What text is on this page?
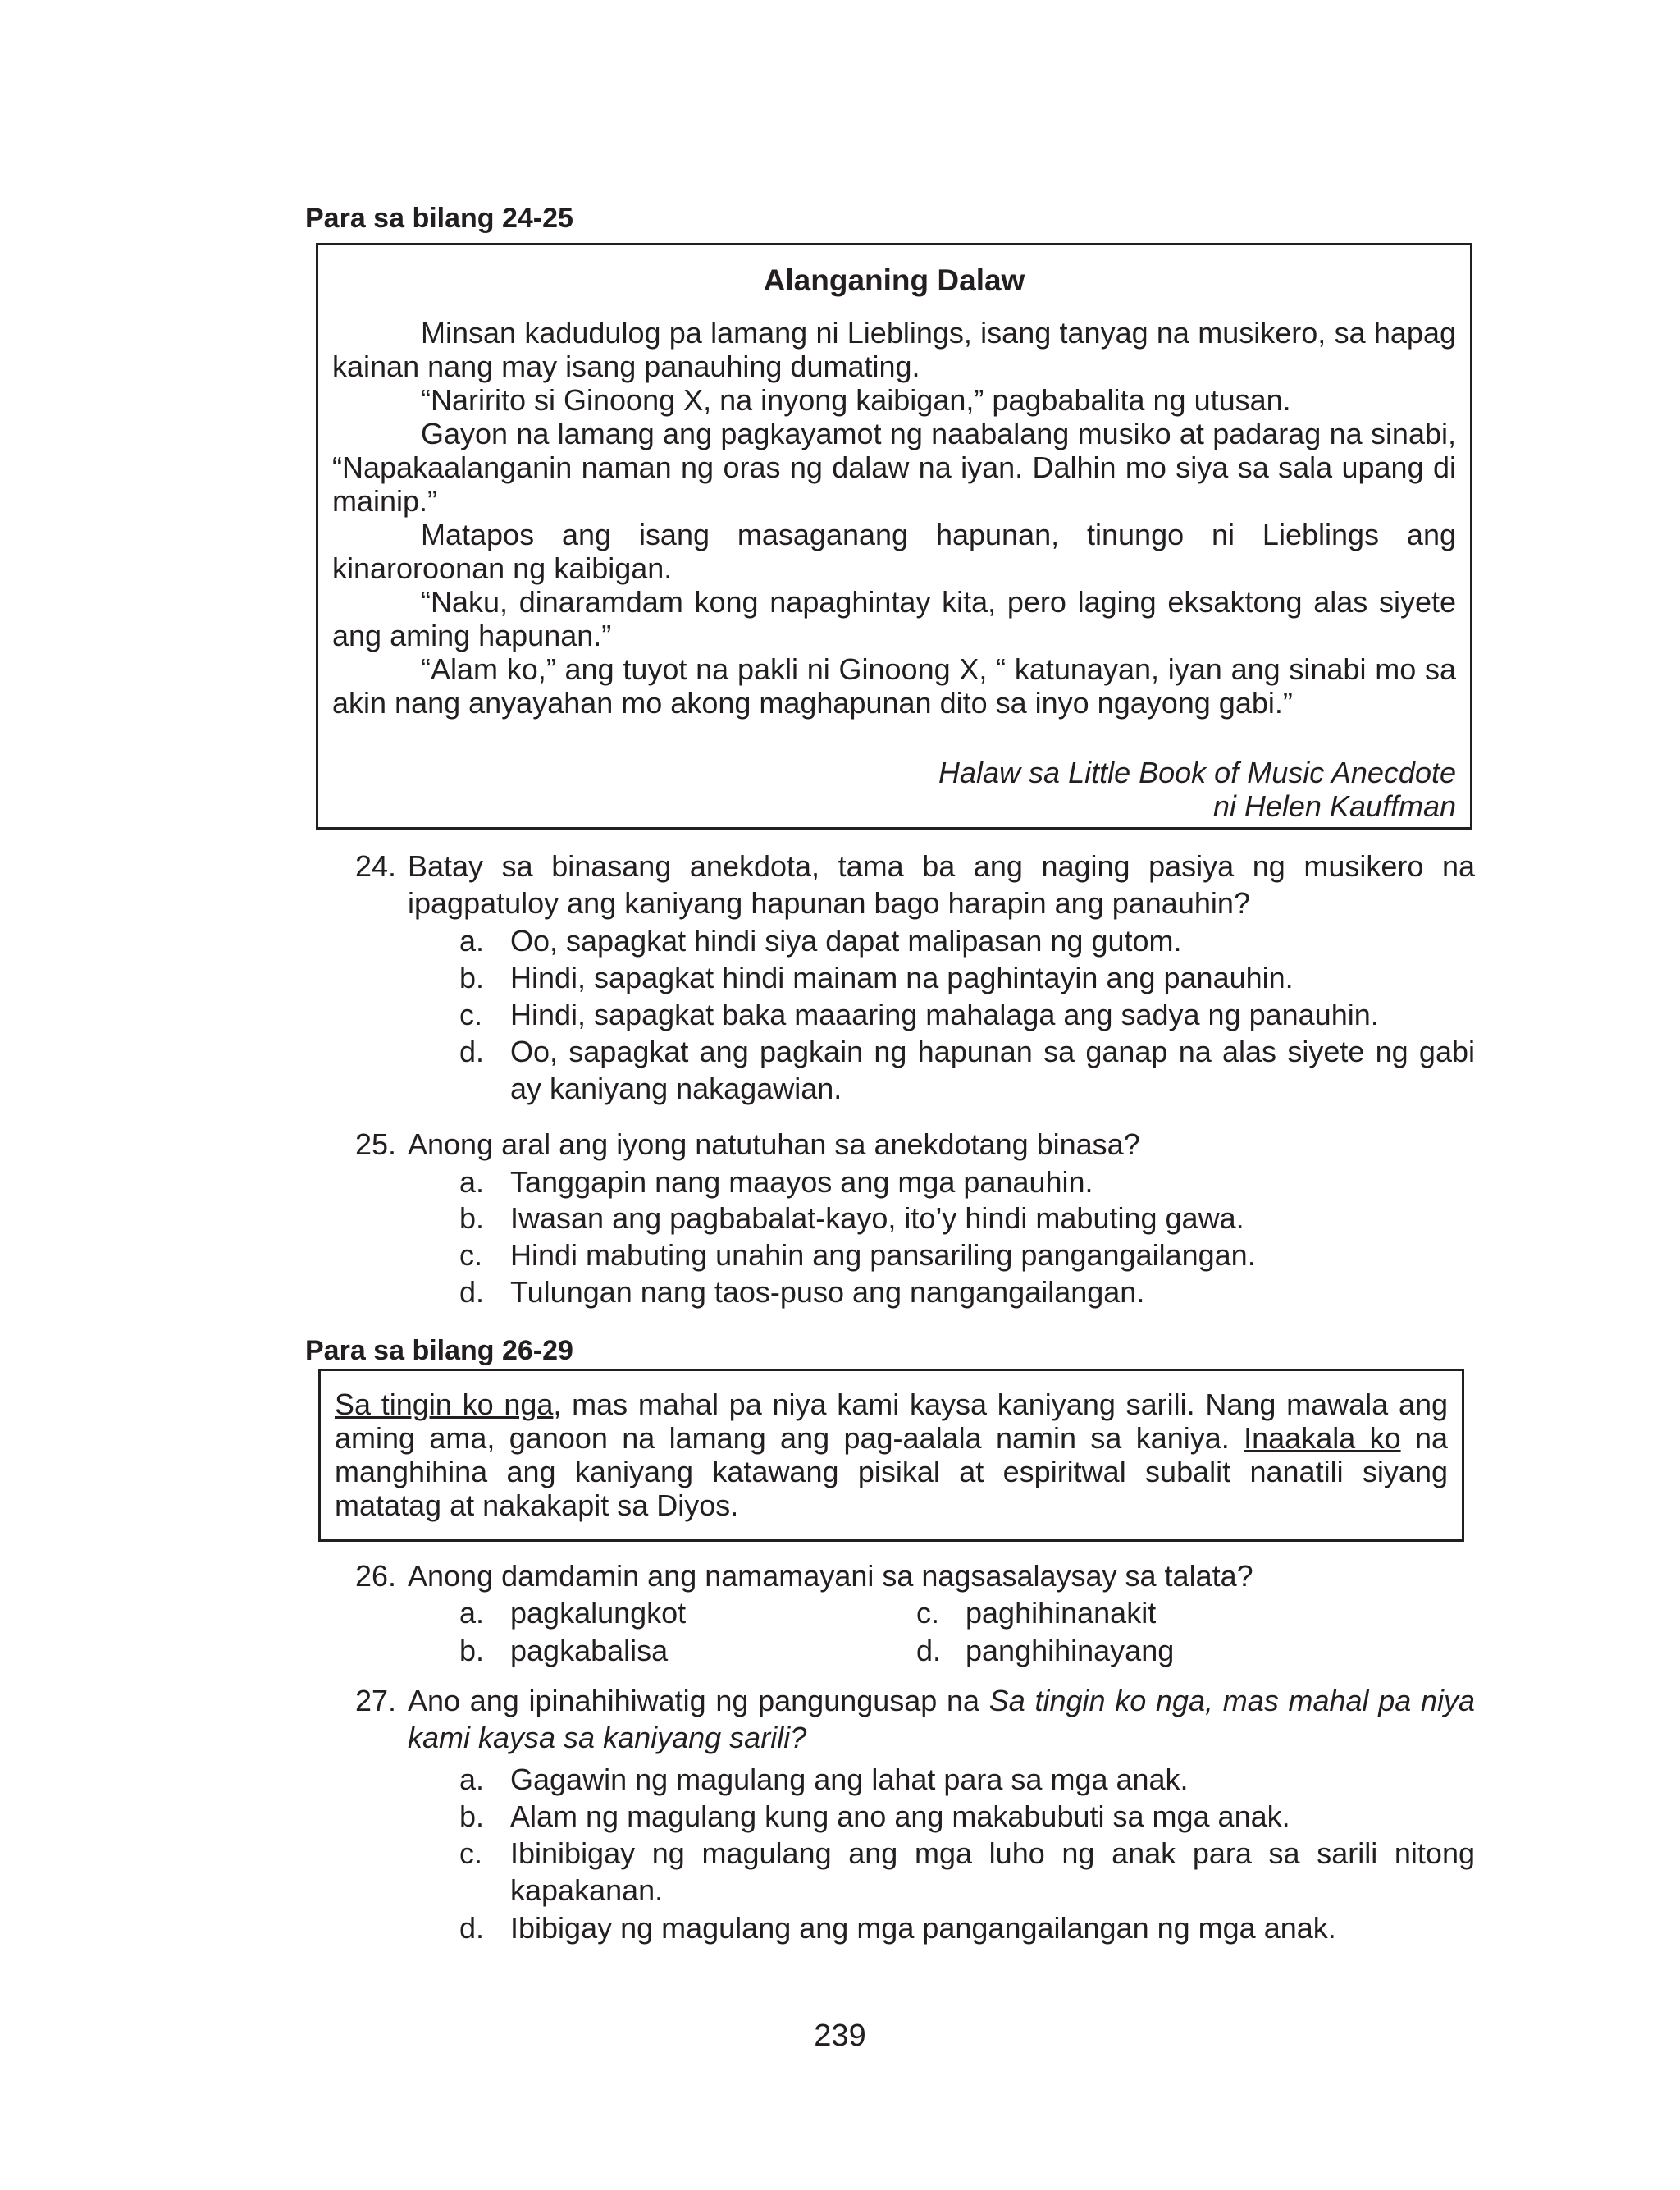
Para sa bilang 24-25
Alanganing Dalaw

Minsan kadudulog pa lamang ni Lieblings, isang tanyag na musikero, sa hapag kainan nang may isang panauhing dumating.

“Naririto si Ginoong X, na inyong kaibigan,” pagbabalita ng utusan.

Gayon na lamang ang pagkayamot ng naabalang musiko at padarag na sinabi, “Napakaalanganin naman ng oras ng dalaw na iyan. Dalhin mo siya sa sala upang di mainip.”

Matapos ang isang masaganang hapunan, tinungo ni Lieblings ang kinaroroonan ng kaibigan.

“Naku, dinaramdam kong napaghintay kita, pero laging eksaktong alas siyete ang aming hapunan.”

“Alam ko,” ang tuyot na pakli ni Ginoong X, “ katunayan, iyan ang sinabi mo sa akin nang anyayahan mo akong maghapunan dito sa inyo ngayong gabi.”

Halaw sa Little Book of Music Anecdote
ni Helen Kauffman
24. Batay sa binasang anekdota, tama ba ang naging pasiya ng musikero na ipagpatuloy ang kaniyang hapunan bago harapin ang panauhin?
a. Oo, sapagkat hindi siya dapat malipasan ng gutom.
b. Hindi, sapagkat hindi mainam na paghintayin ang panauhin.
c. Hindi, sapagkat baka maaaring mahalaga ang sadya ng panauhin.
d. Oo, sapagkat ang pagkain ng hapunan sa ganap na alas siyete ng gabi ay kaniyang nakagawian.
25. Anong aral ang iyong natutuhan sa anekdotang binasa?
a. Tanggapin nang maayos ang mga panauhin.
b. Iwasan ang pagbabalat-kayo, ito’y hindi mabuting gawa.
c. Hindi mabuting unahin ang pansariling pangangailangan.
d. Tulungan nang taos-puso ang nangangailangan.
Para sa bilang 26-29
Sa tingin ko nga, mas mahal pa niya kami kaysa kaniyang sarili. Nang mawala ang aming ama, ganoon na lamang ang pag-aalala namin sa kaniya. Inaakala ko na manghihina ang kaniyang katawang pisikal at espiritwal subalit nanatili siyang matatag at nakakapit sa Diyos.
26. Anong damdamin ang namamayani sa nagsasalaysay sa talata?
a. pagkalungkot	c. paghihinanakit
b. pagkabalisa	d. panghihinayang
27. Ano ang ipinahihiwatig ng pangungusap na Sa tingin ko nga, mas mahal pa niya kami kaysa sa kaniyang sarili?
a. Gagawin ng magulang ang lahat para sa mga anak.
b. Alam ng magulang kung ano ang makabubuti sa mga anak.
c. Ibinibigay ng magulang ang mga luho ng anak para sa sarili nitong kapakanan.
d. Ibibigay ng magulang ang mga pangangailangan ng mga anak.
239
